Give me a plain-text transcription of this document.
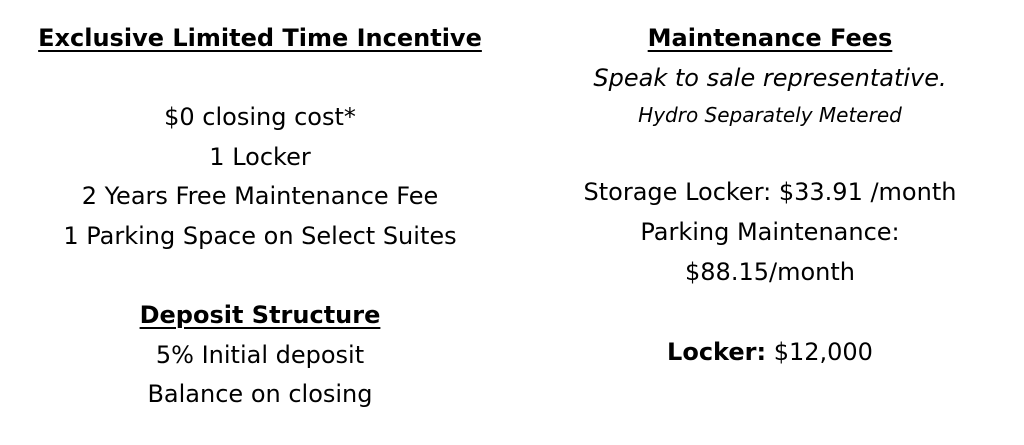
Exclusive Limited Time Incentive
$0 closing cost*
1 Locker
2 Years Free Maintenance Fee
1 Parking Space on Select Suites
Deposit Structure
5% Initial deposit
Balance on closing
Maintenance Fees
Speak to sale representative.
Hydro Separately Metered
Storage Locker: $33.91 /month
Parking Maintenance:
$88.15/month
Locker: $12,000
